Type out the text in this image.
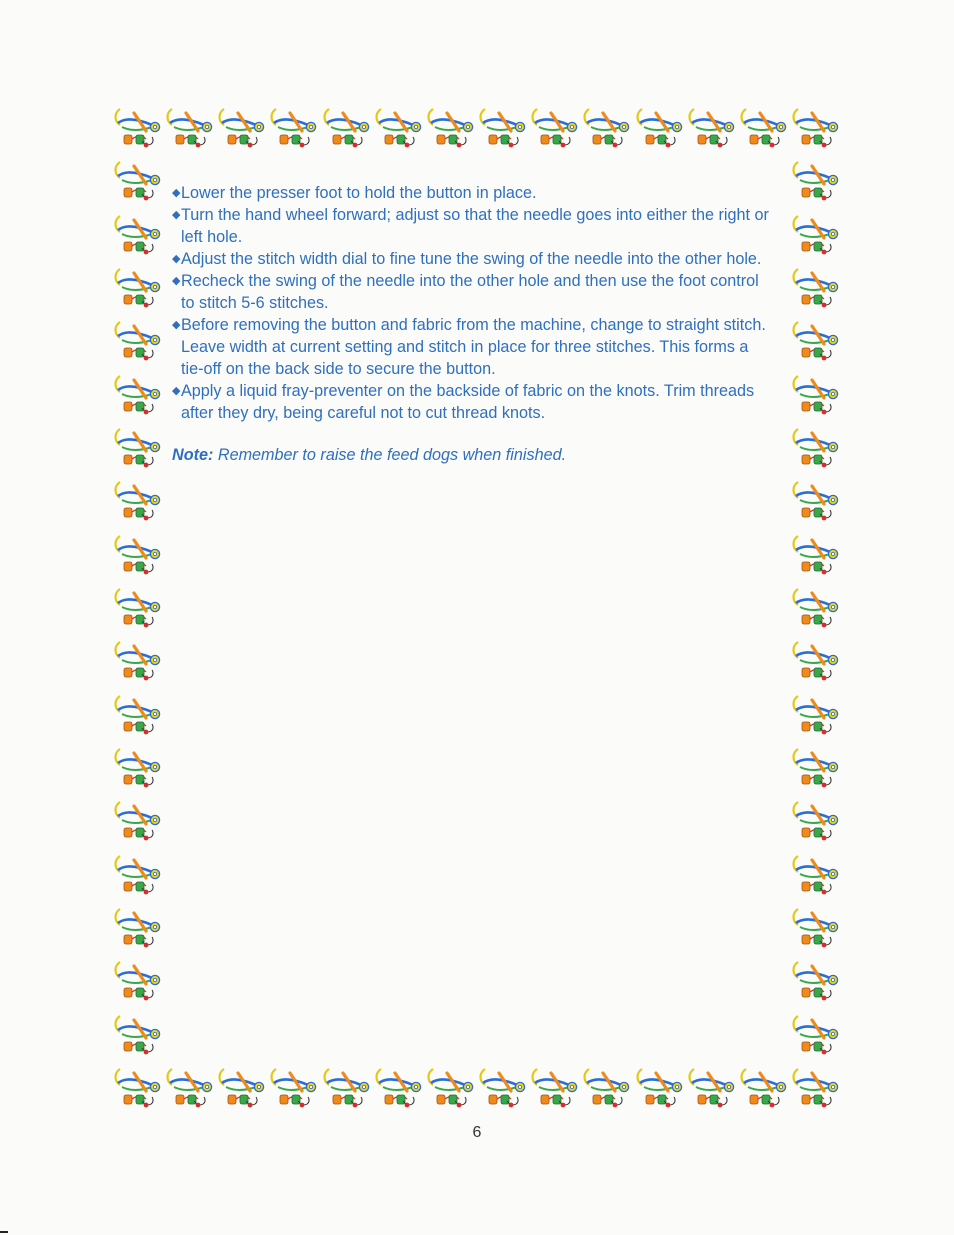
◆ Lower the presser foot to hold the button in place.
◆ Turn the hand wheel forward; adjust so that the needle goes into either the right or left hole.
◆ Adjust the stitch width dial to fine tune the swing of the needle into the other hole.
◆ Recheck the swing of the needle into the other hole and then use the foot control to stitch 5-6 stitches.
◆ Before removing the button and fabric from the machine, change to straight stitch. Leave width at current setting and stitch in place for three stitches. This forms a tie-off on the back side to secure the button.
◆ Apply a liquid fray-preventer on the backside of fabric on the knots. Trim threads after they dry, being careful not to cut thread knots.

Note: Remember to raise the feed dogs when finished.

6
